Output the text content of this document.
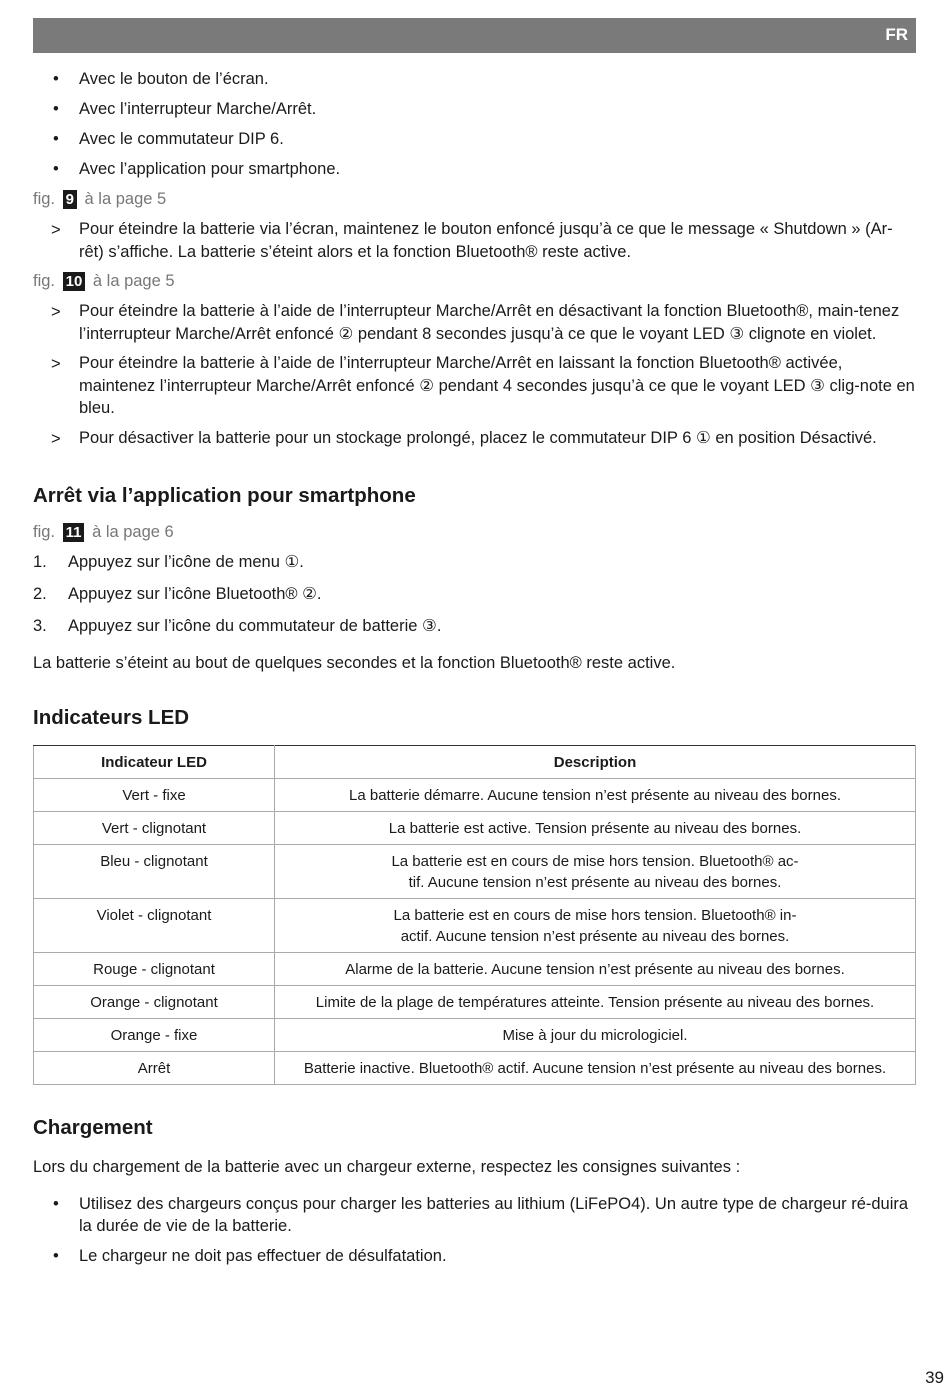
FR
• Avec le bouton de l’écran.
• Avec l’interrupteur Marche/Arrêt.
• Avec le commutateur DIP 6.
• Avec l’application pour smartphone.
fig. 9 à la page 5
> Pour éteindre la batterie via l’écran, maintenez le bouton enfoncé jusqu’à ce que le message « Shutdown » (Ar-rêt) s’affiche. La batterie s’éteint alors et la fonction Bluetooth® reste active.
fig. 10 à la page 5
> Pour éteindre la batterie à l’aide de l’interrupteur Marche/Arrêt en désactivant la fonction Bluetooth®, main-tenez l’interrupteur Marche/Arrêt enfoncé ② pendant 8 secondes jusqu’à ce que le voyant LED ③ clignote en violet.
> Pour éteindre la batterie à l’aide de l’interrupteur Marche/Arrêt en laissant la fonction Bluetooth® activée, maintenez l’interrupteur Marche/Arrêt enfoncé ② pendant 4 secondes jusqu’à ce que le voyant LED ③ clig-note en bleu.
> Pour désactiver la batterie pour un stockage prolongé, placez le commutateur DIP 6 ① en position Désactivé.
Arrêt via l’application pour smartphone
fig. 11 à la page 6
1. Appuyez sur l’icône de menu ①.
2. Appuyez sur l’icône Bluetooth® ②.
3. Appuyez sur l’icône du commutateur de batterie ③.

La batterie s’éteint au bout de quelques secondes et la fonction Bluetooth® reste active.

Indicateurs LED
Indicateur LED	Description
Vert - fixe	La batterie démarre. Aucune tension n’est présente au niveau des bornes.
Vert - clignotant	La batterie est active. Tension présente au niveau des bornes.
Bleu - clignotant	La batterie est en cours de mise hors tension. Bluetooth® ac-tif. Aucune tension n’est présente au niveau des bornes.
Violet - clignotant	La batterie est en cours de mise hors tension. Bluetooth® in-actif. Aucune tension n’est présente au niveau des bornes.
Rouge - clignotant	Alarme de la batterie. Aucune tension n’est présente au niveau des bornes.
Orange - clignotant	Limite de la plage de températures atteinte. Tension présente au niveau des bornes.
Orange - fixe	Mise à jour du micrologiciel.
Arrêt	Batterie inactive. Bluetooth® actif. Aucune tension n’est présente au niveau des bornes.
Chargement

Lors du chargement de la batterie avec un chargeur externe, respectez les consignes suivantes :

• Utilisez des chargeurs conçus pour charger les batteries au lithium (LiFePO4). Un autre type de chargeur ré-duira la durée de vie de la batterie.
• Le chargeur ne doit pas effectuer de désulfatation.
39
